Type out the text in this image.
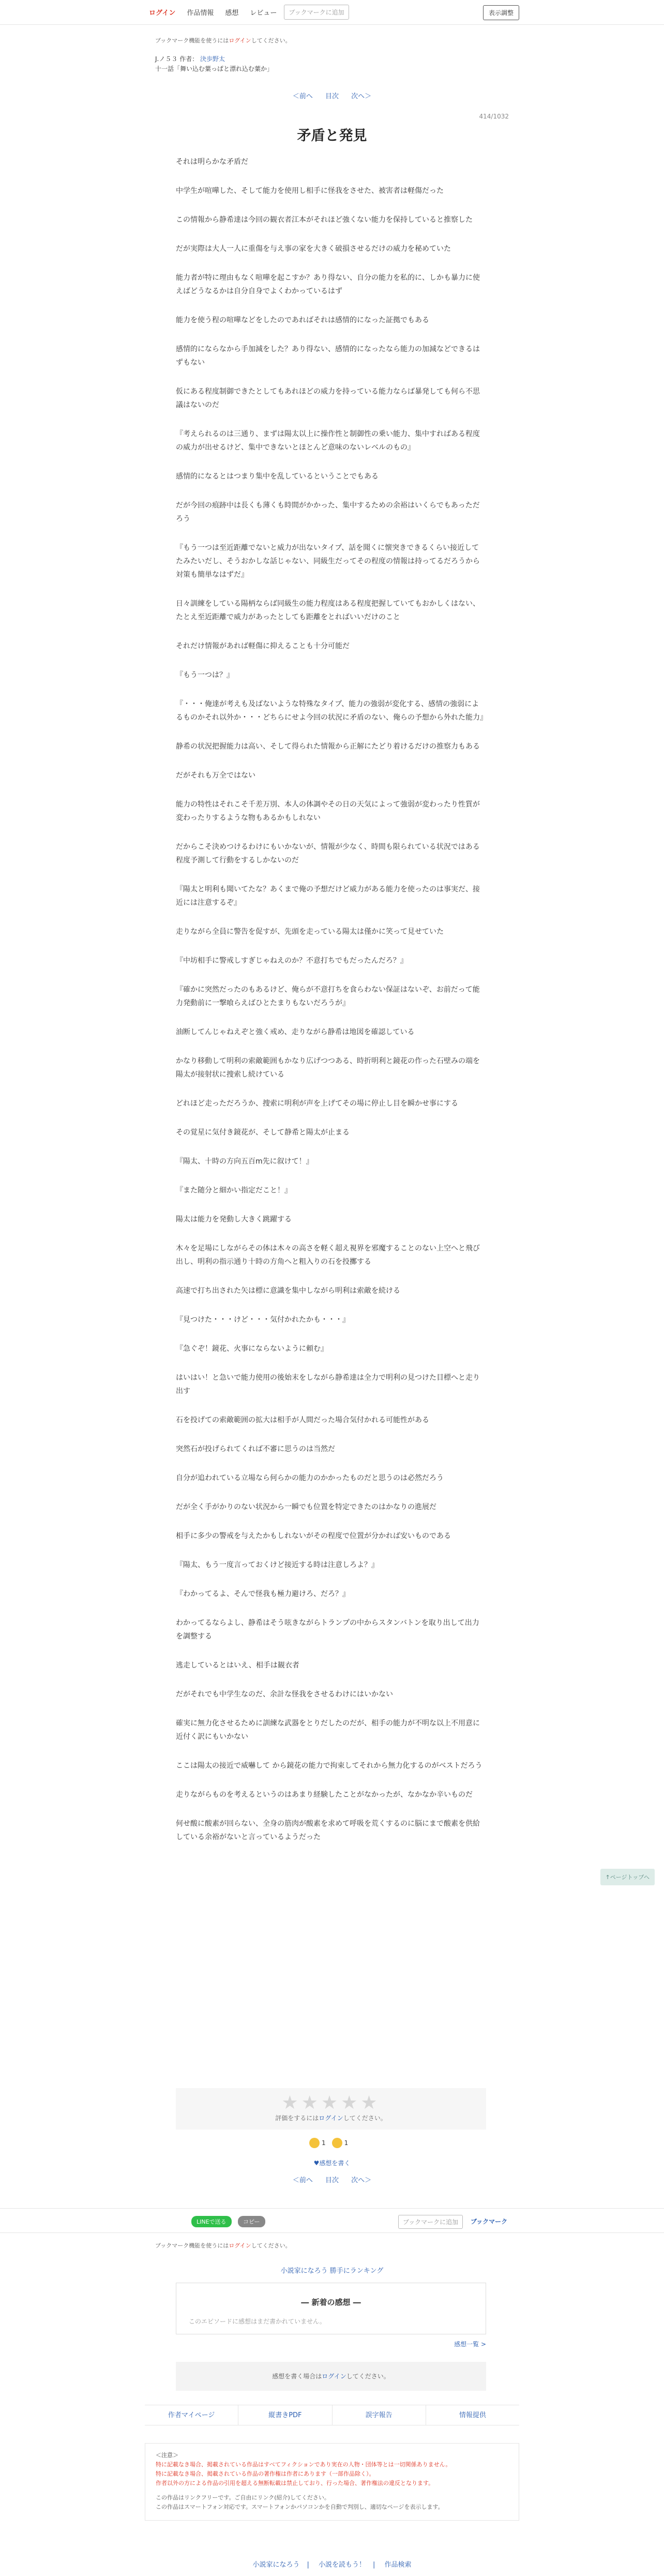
ログイン	作品情報	感想	レビュー	ブックマークに追加	表示調整
ブックマーク機能を使うにはログインしてください。
J.ノ５３ 作者： 決歩野太
十一話「舞い込む葉っぱと漂れ込む葉か」
＜前へ 目次 次へ＞
414/1032
矛盾と発見

それは明らかな矛盾だ

中学生が喧嘩した、そして能力を使用し相手に怪我をさせた、被害者は軽傷だった

この情報から静希達は今回の観衣者江本がそれほど強くない能力を保持していると推察した

だが実際は大人一人に重傷を与え事の家を大きく破損させるだけの威力を秘めていた

能力者が特に理由もなく喧嘩を起こすか？あり得ない、自分の能力を私的に、しかも暴力に使えばどうなるかは自分自身でよくわかっているはず

能力を使う程の喧嘩などをしたのであればそれは感情的になった証拠でもある

感情的にならなから手加減をした？あり得ない、感情的になったなら能力の加減などできるはずもない

仮にある程度制御できたとしてもあれほどの威力を持っている能力ならば暴発しても何ら不思議はないのだ

『考えられるのは三通り、まずは陽太以上に操作性と制御性の乗い能力、集中すればある程度の威力が出せるけど、集中できないとほとんど意味のないレベルのもの』

感情的になるとはつまり集中を乱しているということでもある

だが今回の痕跡中は長くも薄くも時間がかかった、集中するための余裕はいくらでもあっただろう

『もう一つは至近距離でないと威力が出ないタイプ、話を聞くに懐突きできるくらい接近してたみたいだし、そうおかしな話じゃない、同級生だってその程度の情報は持ってるだろうから対策も簡単なはずだ』

日々訓練をしている陽柄ならば同級生の能力程度はある程度把握していてもおかしくはない、たとえ至近距離で威力があったとしても距離をとればいいだけのこと

それだけ情報があれば軽傷に抑えることも十分可能だ

『もう一つは？』

『・・・俺達が考えも及ばないような特殊なタイプ、能力の強弱が変化する、感情の強弱によるものかそれ以外か・・・どちらにせよ今回の状況に矛盾のない、俺らの予想から外れた能力』

静希の状況把握能力は高い、そして得られた情報から正解にたどり着けるだけの推察力もある

だがそれも万全ではない

能力の特性はそれこそ千差万別、本人の体調やその日の天気によって強弱が変わったり性質が変わったりするような物もあるかもしれない

だからこそ決めつけるわけにもいかないが、情報が少なく、時間も限られている状況ではある程度予測して行動をするしかないのだ

『陽太と明利も聞いてたな？あくまで俺の予想だけど威力がある能力を使ったのは事実だ、接近には注意するぞ』

走りながら全員に警告を促すが、先頭を走っている陽太は僅かに笑って見せていた

『中坊相手に警戒しすぎじゃねえのか？不意打ちでもだったんだろ？』

『確かに突然だったのもあるけど、俺らが不意打ちを食らわない保証はないぞ、お前だって能力発動前に一撃喰らえばひとたまりもないだろうが』

油断してんじゃねえぞと強く戒め、走りながら静希は地図を確認している

かなり移動して明利の索敵範囲もかなり広げつつある、時折明利と鏡花の作った石壁みの端を陽太が接射状に捜索し続けている

どれほど走っただろうか、捜索に明利が声を上げてその場に停止し目を瞬かせ事にする

その覚星に気付き鏡花が、そして静希と陽太が止まる

『陽太、十時の方向五百m先に叙けて！』

『また随分と細かい指定だこと！』

陽太は能力を発動し大きく跳躍する

木々を足場にしながらその体は木々の高さを軽く超え視界を邪魔することのない上空へと飛び出し、明利の指示通り十時の方角へと粗入りの石を投擲する

高速で打ち出された矢は標に意識を集中しながら明利は索敵を続ける

『見つけた・・・けど・・・気付かれたかも・・・』

『急ぐぞ！鏡花、火事にならないように頼む』

はいはい！と急いで能力使用の後始末をしながら静希達は全力で明利の見つけた目標へと走り出す

石を投げての索敵範囲の拡大は相手が人間だった場合気付かれる可能性がある

突然石が投げられてくれば不審に思うのは当然だ

自分が追われている立場なら何らかの能力のかかったものだと思うのは必然だろう

だが全く手がかりのない状況から一瞬でも位置を特定できたのはかなりの進展だ

相手に多少の警戒を与えたかもしれないがその程度で位置が分かれば安いものである

『陽太、もう一度言っておくけど接近する時は注意しろよ？』

『わかってるよ、そんで怪我も極力避けろ、だろ？』

わかってるならよし、静希はそう呟きながらトランプの中からスタンバトンを取り出して出力を調整する

逃走しているとはいえ、相手は観衣者

だがそれでも中学生なのだ、余計な怪我をさせるわけにはいかない

確実に無力化させるために訓練な武器をとりだしたのだが、相手の能力が不明な以上不用意に近付く訳にもいかない

ここは陽太の接近で威嚇して から鏡花の能力で拘束してそれから無力化するのがベストだろう

走りながらものを考えるというのはあまり経験したことがなかったが、なかなか辛いものだ

何せ酸に酸素が回らない、全身の筋肉が酸素を求めて呼吸を荒くするのに脳にまで酸素を供給している余裕がないと言っているようだった

★★★★★
評価をするにはログインしてください。
1	1
♥感想を書く
＜前へ 目次 次へ＞
LINEで送る	コピー	ブックマークに追加	ブックマーク
ブックマーク機能を使うにはログインしてください。
小説家になろう 勝手にランキング
― 新着の感想 ―
このエピソードに感想はまだ書かれていません。
感想一覧 >
感想を書く場合はログインしてください。
作者マイページ	縦書きPDF	誤字報告	情報提供
＜注意＞
特に記載なき場合、掲載されている作品はすべてフィクションであり実在の人物・団体等とは一切関係ありません。
特に記載なき場合、掲載されている作品の著作権は作者にあります（一部作品除く）。
作者以外の方による作品の引用を超える無断転載は禁止しており、行った場合、著作権法の違反となります。
この作品はリンクフリーです。ご自由にリンク(紹介)してください。
この作品はスマートフォン対応です。スマートフォンかパソコンかを自動で判別し、適切なページを表示します。
小説家になろう | 小説を読もう！ | 作品検索
↑ページトップへ
